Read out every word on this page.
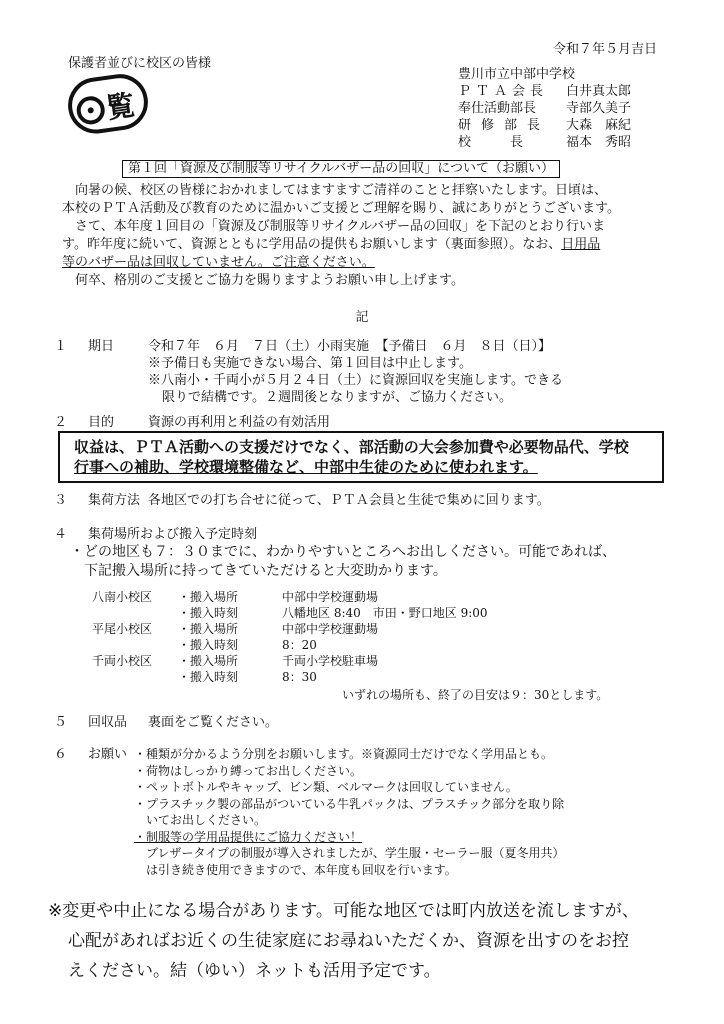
令和７年５月吉日
保護者並びに校区の皆様
覧
豊川市立中部中学校
ＰＴＡ会長	白井真太郎
奉仕活動部長	寺部久美子
研修部長	大森　麻紀
校　　　長	福本　秀昭
第１回「資源及び制服等リサイクルバザー品の回収」について（お願い）

向暑の候、校区の皆様におかれましてはますますご清祥のことと拝察いたします。日頃は、

本校のＰＴＡ活動及び教育のために温かいご支援とご理解を賜り、誠にありがとうございます。

さて、本年度１回目の「資源及び制服等リサイクルバザー品の回収」を下記のとおり行いま

す。昨年度に続いて、資源とともに学用品の提供もお願いします（裏面参照）。なお、日用品

等のバザー品は回収していません。ご注意ください。

何卒、格別のご支援とご協力を賜りますようお願い申し上げます。

記
１ 期日	令和７年　６月　７日（土）小雨実施　【予備日　６月　８日（日）】
※予備日も実施できない場合、第１回目は中止します。
※八南小・千両小が５月２４日（土）に資源回収を実施します。できる
限りで結構です。２週間後となりますが、ご協力ください。
２ 目的	資源の再利用と利益の有効活用
収益は、ＰＴＡ活動への支援だけでなく、部活動の大会参加費や必要物品代、学校
行事への補助、学校環境整備など、中部中生徒のために使われます。
３ 集荷方法 各地区での打ち合せに従って、ＰＴＡ会員と生徒で集めに回ります。
４ 集荷場所および搬入予定時刻
・どの地区も７：３０までに、わかりやすいところへお出しください。可能であれば、
下記搬入場所に持ってきていただけると大変助かります。
八南小校区 ・搬入場所	中部中学校運動場
・搬入時刻	八幡地区 8:40　市田・野口地区 9:00
平尾小校区 ・搬入場所	中部中学校運動場
・搬入時刻	8：20
千両小校区 ・搬入場所	千両小学校駐車場
・搬入時刻	8：30
いずれの場所も、終了の目安は９：30とします。
５ 回収品 裏面をご覧ください。
６ お願い ・種類が分かるよう分別をお願いします。※資源同士だけでなく学用品とも。
・荷物はしっかり縛ってお出しください。
・ペットボトルやキャップ、ビン類、ベルマークは回収していません。
・プラスチック製の部品がついている牛乳パックは、プラスチック部分を取り除
　いてお出しください。
・制服等の学用品提供にご協力ください！
　ブレザータイプの制服が導入されましたが、学生服・セーラー服（夏冬用共）
　は引き続き使用できますので、本年度も回収を行います。
※変更や中止になる場合があります。可能な地区では町内放送を流しますが、
心配があればお近くの生徒家庭にお尋ねいただくか、資源を出すのをお控
えください。結（ゆい）ネットも活用予定です。
